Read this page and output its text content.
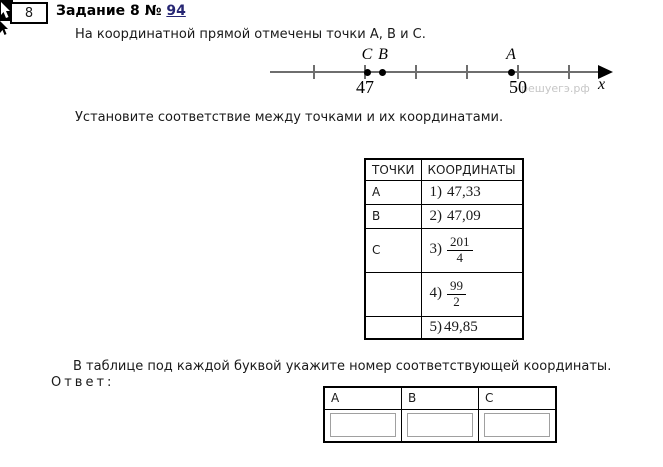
8 Задание 8 № 94
На координатной прямой отмечены точки A, B и C.
решуегэ.рф
C B	A
47	50	x
Установите соответствие между точками и их координатами.
ТОЧКИ	КООРДИНАТЫ
A	1) 47,33
B	2) 47,09
C	$3) \frac{201}{4}$

	$4) \frac{99}{2}$

	5) 49,85
В таблице под каждой буквой укажите номер соответствующей координаты.
Ответ:
A	B	C
